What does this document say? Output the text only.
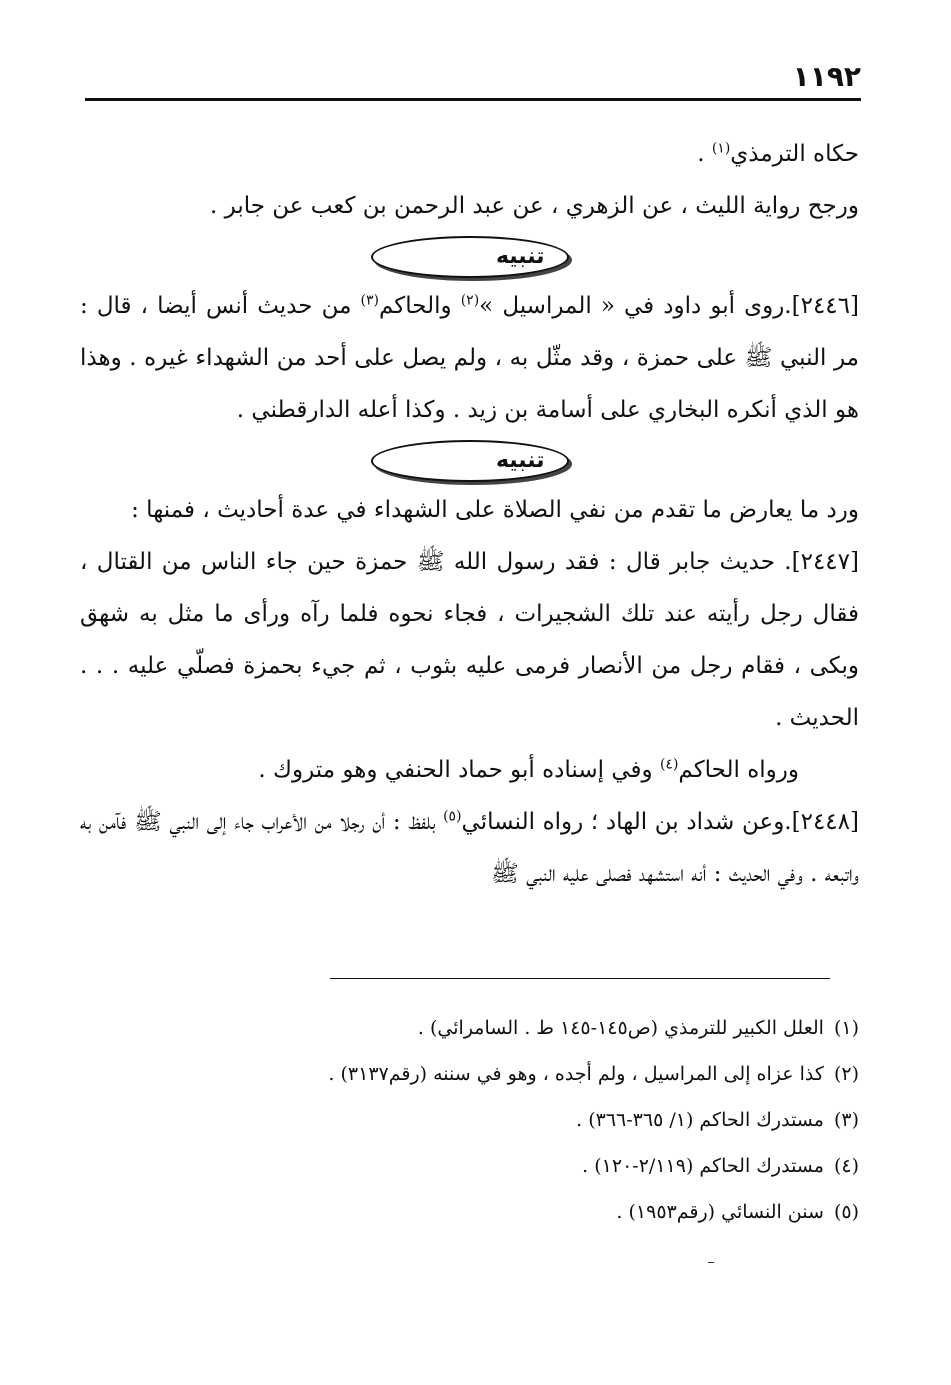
١١٩٢

حكاه الترمذي$^{(١)}$ .

ورجح رواية الليث ، عن الزهري ، عن عبد الرحمن بن كعب عن جابر .

تنبيه

[٢٤٤٦].روى أبو داود في « المراسيل »$^{(٢)}$ والحاكم$^{(٣)}$ من حديث أنس أيضا ، قال : مر النبي ﷺ على حمزة ، وقد مثّل به ، ولم يصل على أحد من الشهداء غيره . وهذا هو الذي أنكره البخاري على أسامة بن زيد . وكذا أعله الدارقطني .

تنبيه

ورد ما يعارض ما تقدم من نفي الصلاة على الشهداء في عدة أحاديث ، فمنها :

[٢٤٤٧]. حديث جابر قال : فقد رسول الله ﷺ حمزة حين جاء الناس من القتال ، فقال رجل رأيته عند تلك الشجيرات ، فجاء نحوه فلما رآه ورأى ما مثل به شهق وبكى ، فقام رجل من الأنصار فرمى عليه بثوب ، ثم جيء بحمزة فصلّي عليه . . . الحديث .

ورواه الحاكم$^{(٤)}$ وفي إسناده أبو حماد الحنفي وهو متروك .

[٢٤٤٨].وعن شداد بن الهاد ؛ رواه النسائي$^{(٥)}$ بلفظ : أن رجلا من الأعراب جاء إلى النبي ﷺ فآمن به واتبعه . وفي الحديث : أنه استشهد فصلى عليه النبي ﷺ

(١)العلل الكبير للترمذي (ص١٤٥-١٤٥ ط . السامرائي) .

(٢)كذا عزاه إلى المراسيل ، ولم أجده ، وهو في سننه (رقم٣١٣٧) .

(٣)مستدرك الحاكم (١/ ٣٦٥-٣٦٦) .

(٤)مستدرك الحاكم (٢/١١٩-١٢٠) .

(٥)سنن النسائي (رقم١٩٥٣) .
